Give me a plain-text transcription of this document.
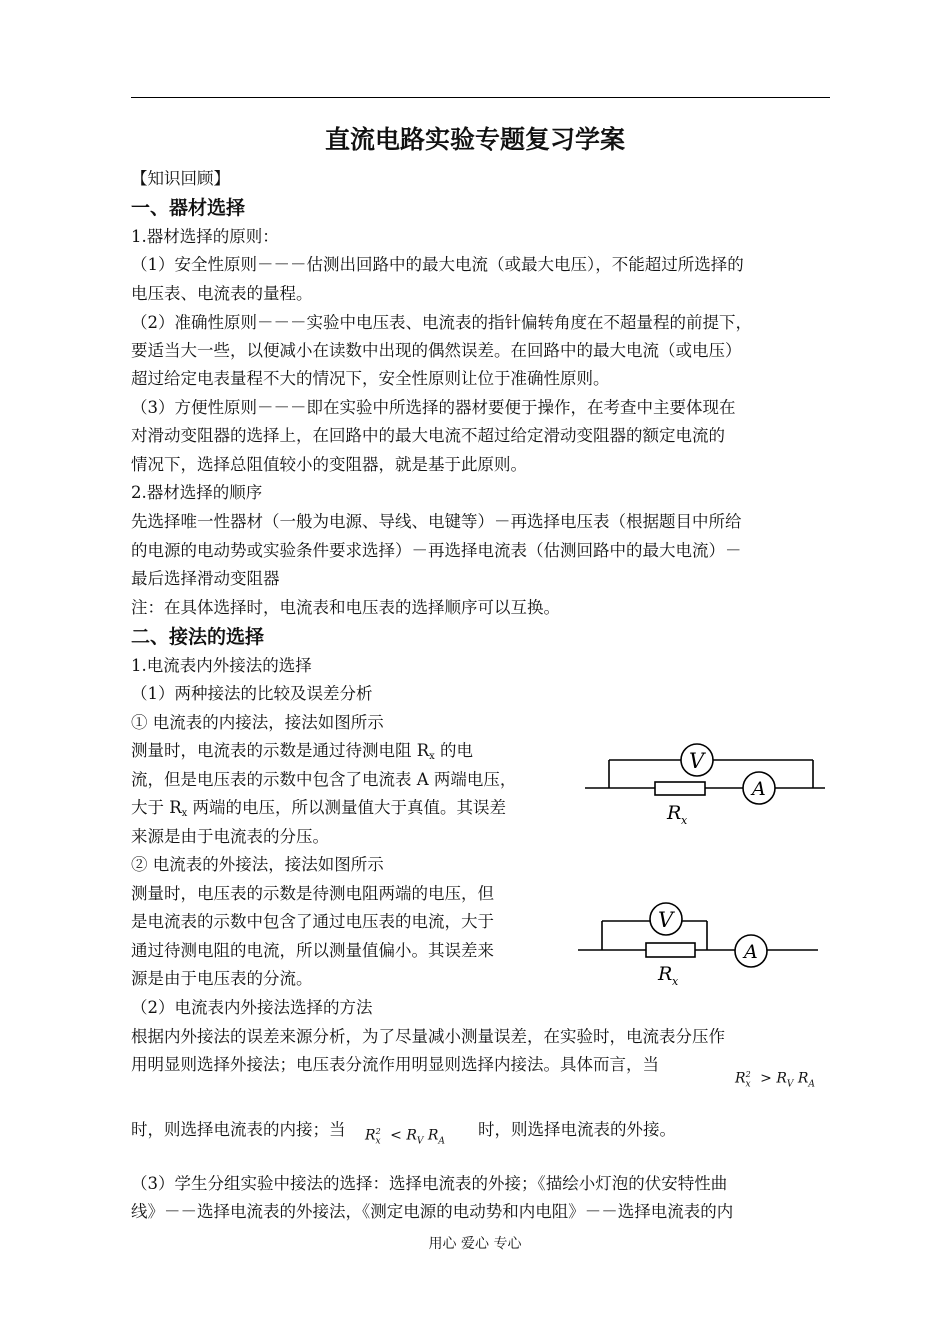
直流电路实验专题复习学案
【知识回顾】
一、器材选择
1.器材选择的原则：
（1）安全性原则－－－估测出回路中的最大电流（或最大电压），不能超过所选择的
电压表、电流表的量程。
（2）准确性原则－－－实验中电压表、电流表的指针偏转角度在不超量程的前提下，
要适当大一些，以便减小在读数中出现的偶然误差。在回路中的最大电流（或电压）
超过给定电表量程不大的情况下，安全性原则让位于准确性原则。
（3）方便性原则－－－即在实验中所选择的器材要便于操作，在考查中主要体现在
对滑动变阻器的选择上，在回路中的最大电流不超过给定滑动变阻器的额定电流的
情况下，选择总阻值较小的变阻器，就是基于此原则。
2.器材选择的顺序
先选择唯一性器材（一般为电源、导线、电键等）－再选择电压表（根据题目中所给
的电源的电动势或实验条件要求选择）－再选择电流表（估测回路中的最大电流）－
最后选择滑动变阻器
注：在具体选择时，电流表和电压表的选择顺序可以互换。
二、接法的选择
1.电流表内外接法的选择
（1）两种接法的比较及误差分析
① 电流表的内接法，接法如图所示
测量时，电流表的示数是通过待测电阻 Rx 的电
流，但是电压表的示数中包含了电流表 A 两端电压，
大于 Rx 两端的电压，所以测量值大于真值。其误差
来源是由于电流表的分压。
② 电流表的外接法，接法如图所示
测量时，电压表的示数是待测电阻两端的电压，但
是电流表的示数中包含了通过电压表的电流，大于
通过待测电阻的电流，所以测量值偏小。其误差来
源是由于电压表的分流。
（2）电流表内外接法选择的方法
根据内外接法的误差来源分析，为了尽量减小测量误差，在实验时，电流表分压作
用明显则选择外接法；电压表分流作用明显则选择内接法。具体而言，当
$R_x^2 > R_V$ $R_A$
时，则选择电流表的内接；当 $R_x^2 < R_V$ $R_A$
时，则选择电流表的外接。
（3）学生分组实验中接法的选择：选择电流表的外接；《描绘小灯泡的伏安特性曲
线》－－选择电流表的外接法，《测定电源的电动势和内电阻》－－选择电流表的内
用心 爱心 专心
V
A
R x
V
A
R x
